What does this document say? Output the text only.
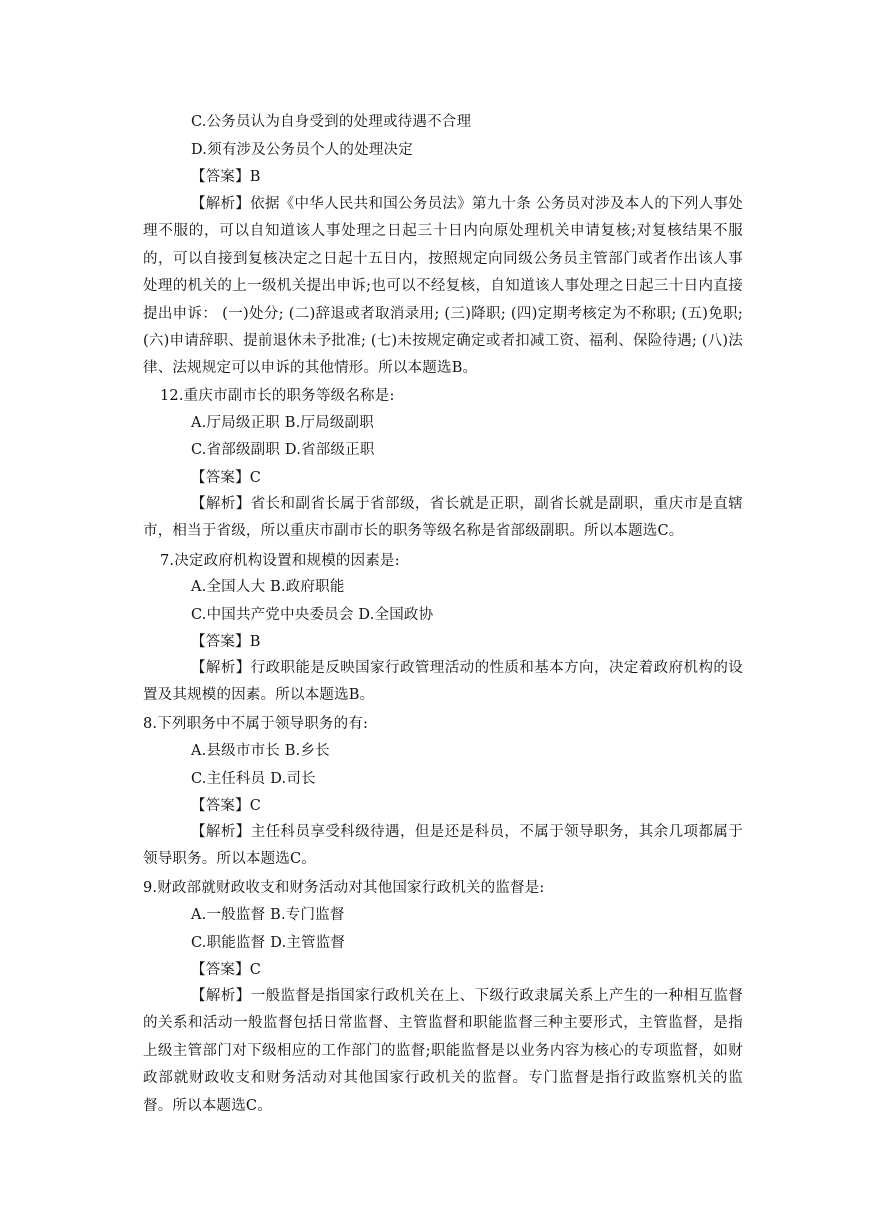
C.公务员认为自身受到的处理或待遇不合理
D.须有涉及公务员个人的处理决定
【答案】B
【解析】依据《中华人民共和国公务员法》第九十条 公务员对涉及本人的下列人事处理不服的，可以自知道该人事处理之日起三十日内向原处理机关申请复核;对复核结果不服的，可以自接到复核决定之日起十五日内，按照规定向同级公务员主管部门或者作出该人事处理的机关的上一级机关提出申诉;也可以不经复核，自知道该人事处理之日起三十日内直接提出申诉： (一)处分; (二)辞退或者取消录用; (三)降职; (四)定期考核定为不称职; (五)免职; (六)申请辞职、提前退休未予批准; (七)未按规定确定或者扣减工资、福利、保险待遇; (八)法律、法规规定可以申诉的其他情形。所以本题选B。
12.重庆市副市长的职务等级名称是:
A.厅局级正职 B.厅局级副职
C.省部级副职 D.省部级正职
【答案】C
【解析】省长和副省长属于省部级，省长就是正职，副省长就是副职，重庆市是直辖市，相当于省级，所以重庆市副市长的职务等级名称是省部级副职。所以本题选C。
7.决定政府机构设置和规模的因素是:
A.全国人大 B.政府职能
C.中国共产党中央委员会 D.全国政协
【答案】B
【解析】行政职能是反映国家行政管理活动的性质和基本方向，决定着政府机构的设置及其规模的因素。所以本题选B。
8.下列职务中不属于领导职务的有:
A.县级市市长 B.乡长
C.主任科员 D.司长
【答案】C
【解析】主任科员享受科级待遇，但是还是科员，不属于领导职务，其余几项都属于领导职务。所以本题选C。
9.财政部就财政收支和财务活动对其他国家行政机关的监督是:
A.一般监督 B.专门监督
C.职能监督 D.主管监督
【答案】C
【解析】一般监督是指国家行政机关在上、下级行政隶属关系上产生的一种相互监督的关系和活动一般监督包括日常监督、主管监督和职能监督三种主要形式，主管监督，是指上级主管部门对下级相应的工作部门的监督;职能监督是以业务内容为核心的专项监督，如财政部就财政收支和财务活动对其他国家行政机关的监督。专门监督是指行政监察机关的监督。所以本题选C。
